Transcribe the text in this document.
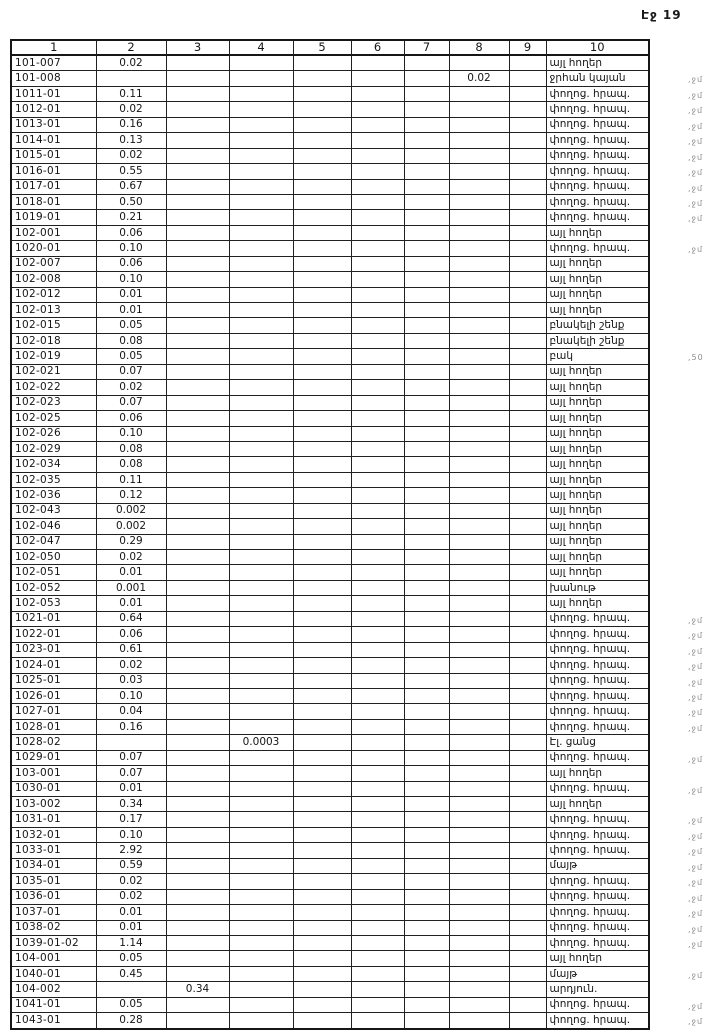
Էջ 19
1	2	3	4	5	6	7	8	9	10
101-007	0.02								այլ հողեր
101-008							0.02		ջրհան կայան ,ջմ

1011-01	0.11								փողոց. հրապ. ,ջմ

1012-01	0.02								փողոց. հրապ. ,ջմ

1013-01	0.16								փողոց. հրապ. ,ջմ

1014-01	0.13								փողոց. հրապ. ,ջմ

1015-01	0.02								փողոց. հրապ. ,ջմ

1016-01	0.55								փողոց. հրապ. ,ջմ

1017-01	0.67								փողոց. հրապ. ,ջմ

1018-01	0.50								փողոց. հրապ. ,ջմ

1019-01	0.21								փողոց. հրապ. ,ջմ

102-001	0.06								այլ հողեր
1020-01	0.10								փողոց. հրապ. ,ջմ

102-007	0.06								այլ հողեր
102-008	0.10								այլ հողեր
102-012	0.01								այլ հողեր
102-013	0.01								այլ հողեր
102-015	0.05								բնակելի շենք
102-018	0.08								բնակելի շենք
102-019	0.05								բակ ,50

102-021	0.07								այլ հողեր
102-022	0.02								այլ հողեր
102-023	0.07								այլ հողեր
102-025	0.06								այլ հողեր
102-026	0.10								այլ հողեր
102-029	0.08								այլ հողեր
102-034	0.08								այլ հողեր
102-035	0.11								այլ հողեր
102-036	0.12								այլ հողեր
102-043	0.002								այլ հողեր
102-046	0.002								այլ հողեր
102-047	0.29								այլ հողեր
102-050	0.02								այլ հողեր
102-051	0.01								այլ հողեր
102-052	0.001								խանութ
102-053	0.01								այլ հողեր
1021-01	0.64								փողոց. հրապ. ,ջմ

1022-01	0.06								փողոց. հրապ. ,ջմ

1023-01	0.61								փողոց. հրապ. ,ջմ

1024-01	0.02								փողոց. հրապ. ,ջմ

1025-01	0.03								փողոց. հրապ. ,ջմ

1026-01	0.10								փողոց. հրապ. ,ջմ

1027-01	0.04								փողոց. հրապ. ,ջմ

1028-01	0.16								փողոց. հրապ. ,ջմ

1028-02			0.0003						Էլ. ցանց
1029-01	0.07								փողոց. հրապ. ,ջմ

103-001	0.07								այլ հողեր
1030-01	0.01								փողոց. հրապ. ,ջմ

103-002	0.34								այլ հողեր
1031-01	0.17								փողոց. հրապ. ,ջմ

1032-01	0.10								փողոց. հրապ. ,ջմ

1033-01	2.92								փողոց. հրապ. ,ջմ

1034-01	0.59								մայթ ,ջմ

1035-01	0.02								փողոց. հրապ. ,ջմ

1036-01	0.02								փողոց. հրապ. ,ջմ

1037-01	0.01								փողոց. հրապ. ,ջմ

1038-02	0.01								փողոց. հրապ. ,ջմ

1039-01-02	1.14								փողոց. հրապ. ,ջմ

104-001	0.05								այլ հողեր
1040-01	0.45								մայթ ,ջմ

104-002		0.34							արդյուն.
1041-01	0.05								փողոց. հրապ. ,ջմ

1043-01	0.28								փողոց. հրապ. ,ջմ
